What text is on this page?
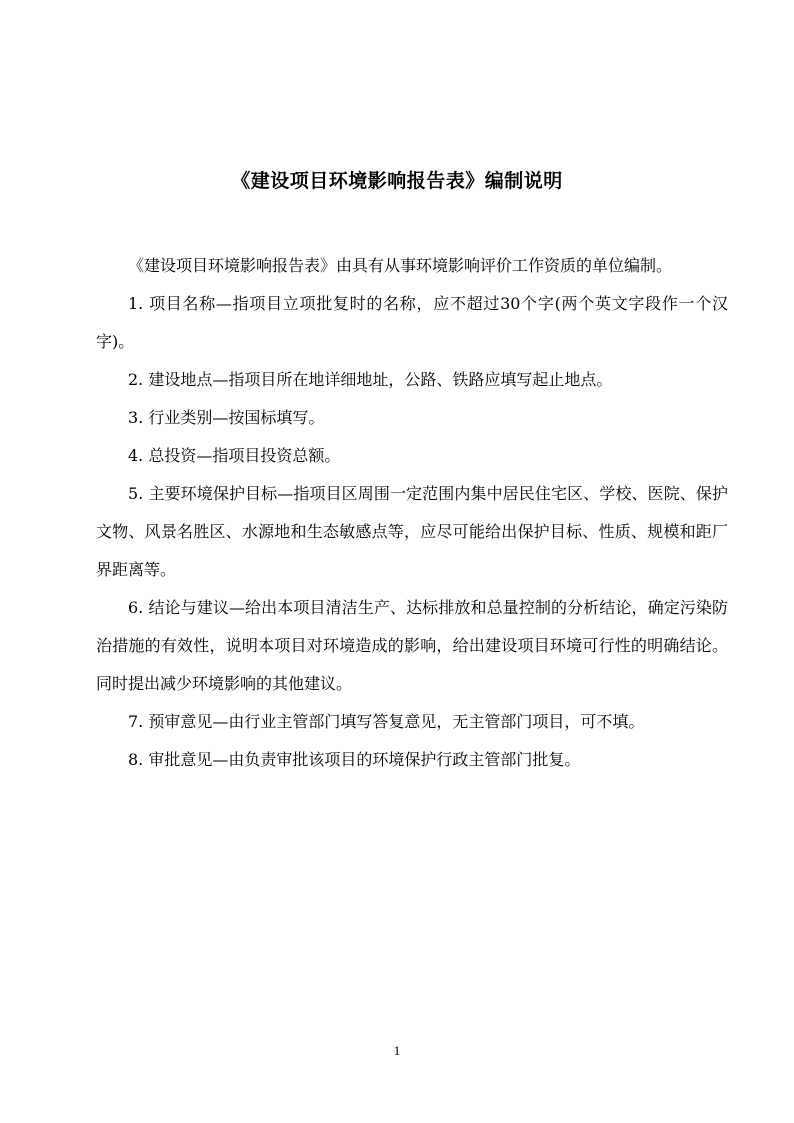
《建设项目环境影响报告表》编制说明

《建设项目环境影响报告表》由具有从事环境影响评价工作资质的单位编制。

1. 项目名称—指项目立项批复时的名称，应不超过30个字(两个英文字段作一个汉字)。

2. 建设地点—指项目所在地详细地址，公路、铁路应填写起止地点。

3. 行业类别—按国标填写。

4. 总投资—指项目投资总额。

5. 主要环境保护目标—指项目区周围一定范围内集中居民住宅区、学校、医院、保护文物、风景名胜区、水源地和生态敏感点等，应尽可能给出保护目标、性质、规模和距厂界距离等。

6. 结论与建议—给出本项目清洁生产、达标排放和总量控制的分析结论，确定污染防治措施的有效性，说明本项目对环境造成的影响，给出建设项目环境可行性的明确结论。同时提出减少环境影响的其他建议。

7. 预审意见—由行业主管部门填写答复意见，无主管部门项目，可不填。

8. 审批意见—由负责审批该项目的环境保护行政主管部门批复。

1
